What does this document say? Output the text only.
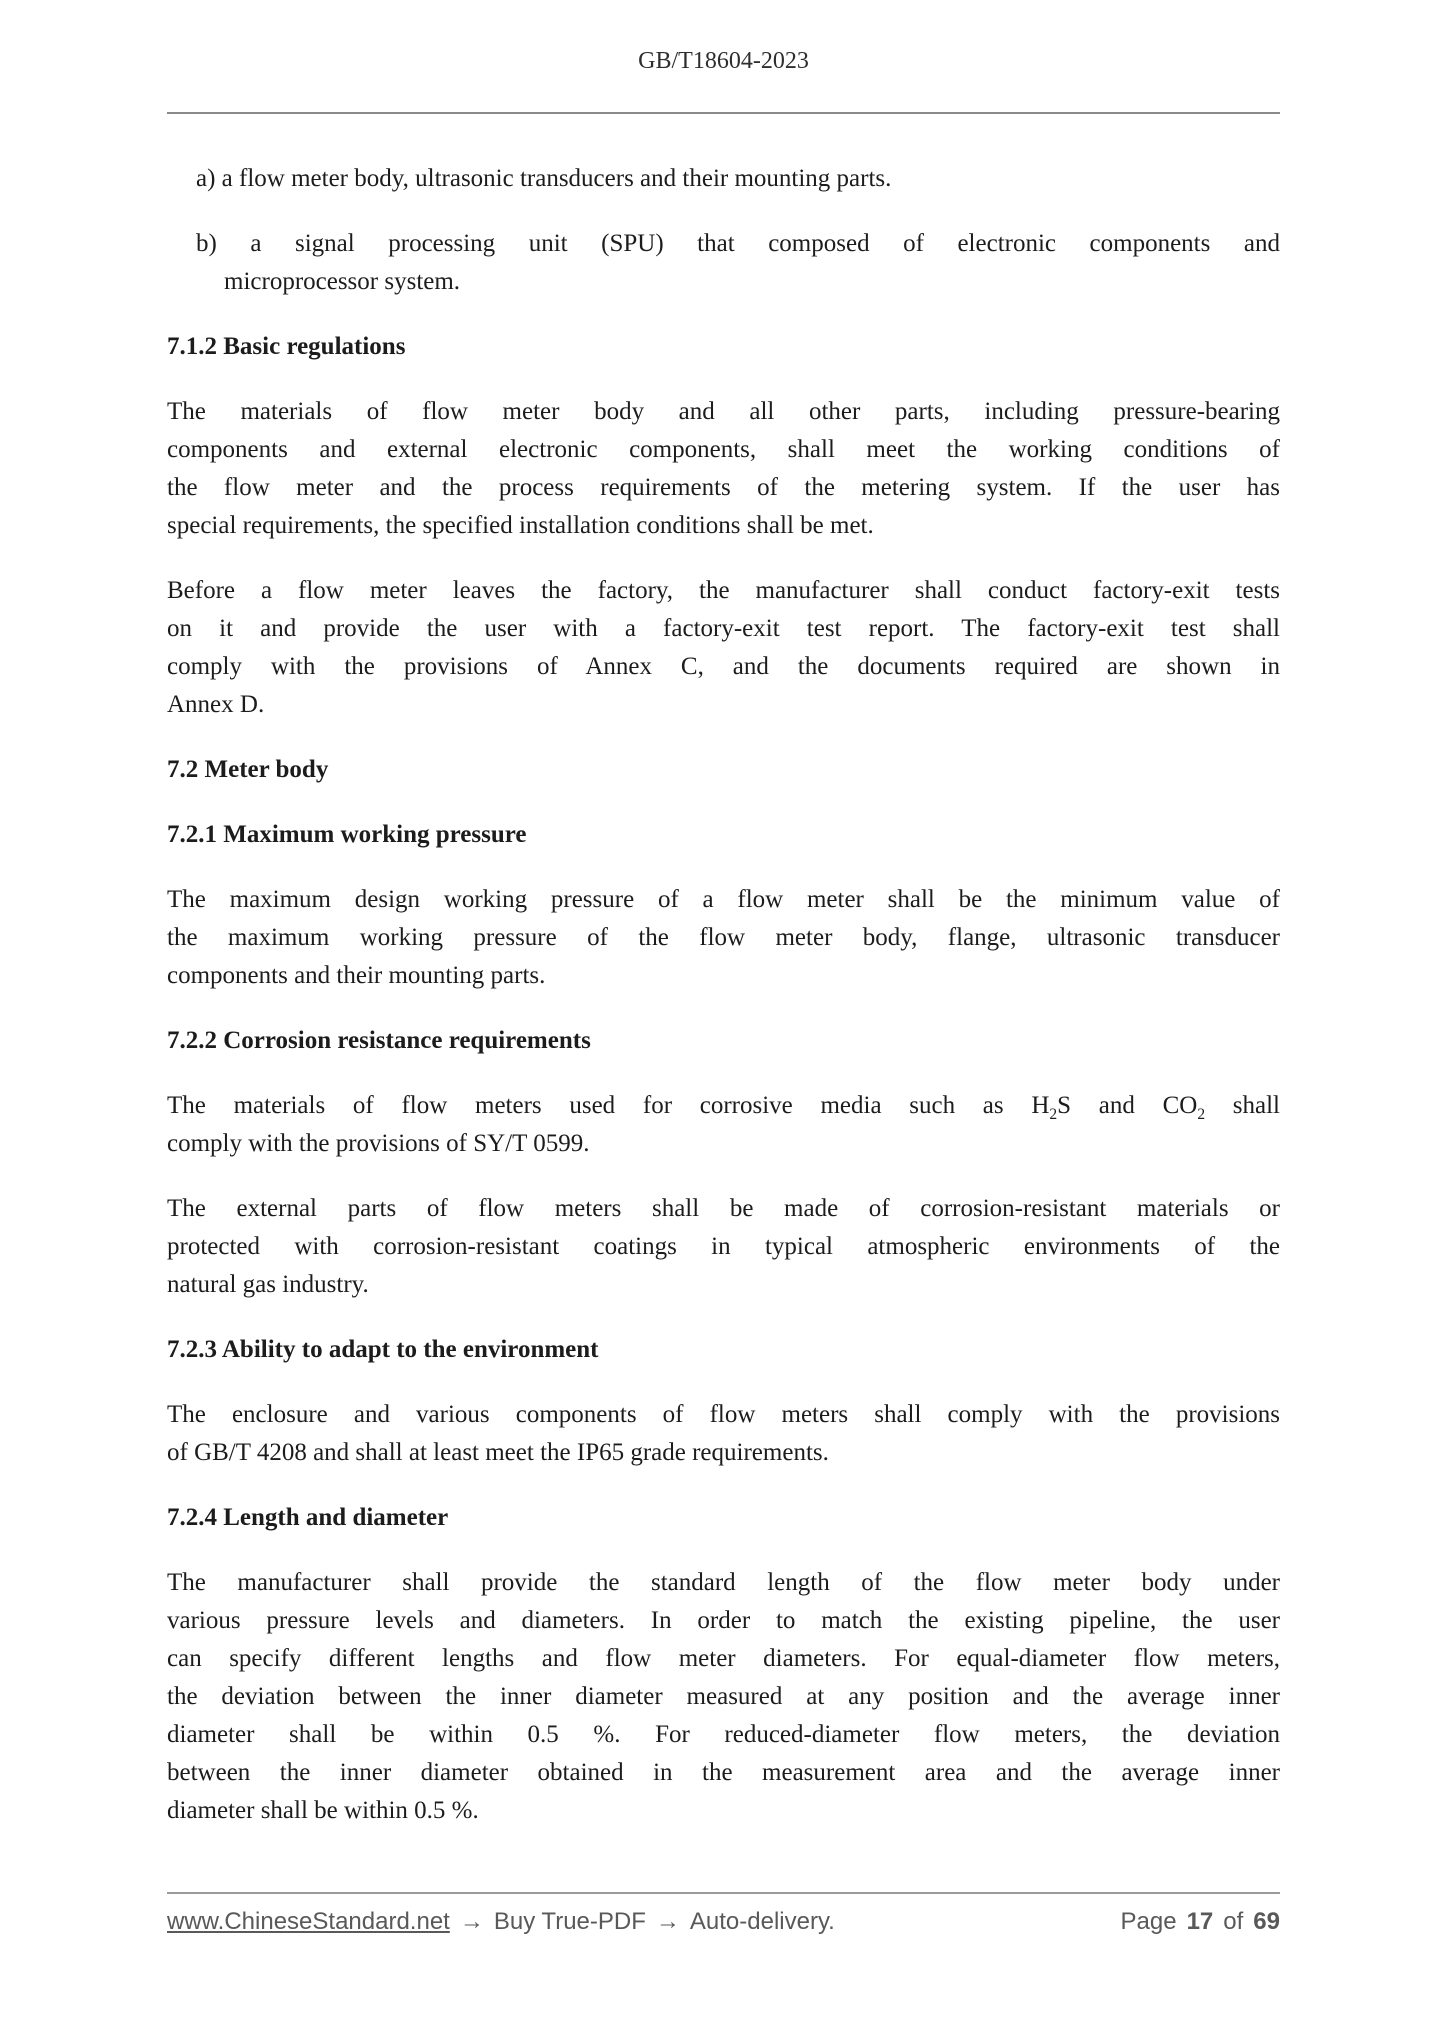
GB/T18604-2023
a) a flow meter body, ultrasonic transducers and their mounting parts.
b) a signal processing unit (SPU) that composed of electronic components and
microprocessor system.
7.1.2 Basic regulations
The materials of flow meter body and all other parts, including pressure-bearing
components and external electronic components, shall meet the working conditions of
the flow meter and the process requirements of the metering system. If the user has
special requirements, the specified installation conditions shall be met.
Before a flow meter leaves the factory, the manufacturer shall conduct factory-exit tests
on it and provide the user with a factory-exit test report. The factory-exit test shall
comply with the provisions of Annex C, and the documents required are shown in
Annex D.
7.2 Meter body
7.2.1 Maximum working pressure
The maximum design working pressure of a flow meter shall be the minimum value of
the maximum working pressure of the flow meter body, flange, ultrasonic transducer
components and their mounting parts.
7.2.2 Corrosion resistance requirements
The materials of flow meters used for corrosive media such as $H_2S$ and $CO_2$ shall
comply with the provisions of SY/T 0599.
The external parts of flow meters shall be made of corrosion-resistant materials or
protected with corrosion-resistant coatings in typical atmospheric environments of the
natural gas industry.
7.2.3 Ability to adapt to the environment
The enclosure and various components of flow meters shall comply with the provisions
of GB/T 4208 and shall at least meet the IP65 grade requirements.
7.2.4 Length and diameter
The manufacturer shall provide the standard length of the flow meter body under
various pressure levels and diameters. In order to match the existing pipeline, the user
can specify different lengths and flow meter diameters. For equal-diameter flow meters,
the deviation between the inner diameter measured at any position and the average inner
diameter shall be within 0.5 %. For reduced-diameter flow meters, the deviation
between the inner diameter obtained in the measurement area and the average inner
diameter shall be within 0.5 %.
www.ChineseStandard.net → Buy True-PDF → Auto-delivery.	Page 17 of 69
